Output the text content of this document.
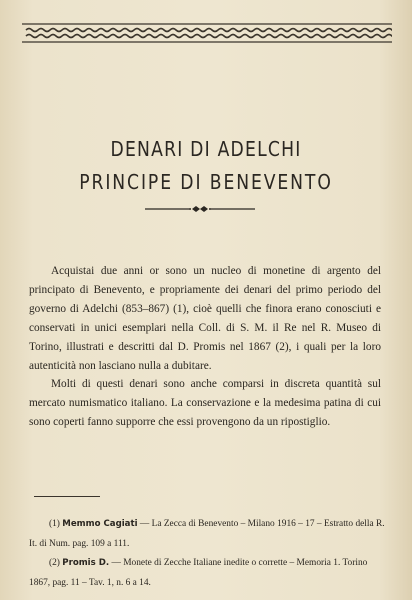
DENARI DI ADELCHI
PRINCIPE DI BENEVENTO

Acquistai due anni or sono un nucleo di monetine di argento del principato di Benevento, e propriamente dei denari del primo periodo del governo di Adelchi (853–867) (1), cioè quelli che finora erano conosciuti e conservati in unici esemplari nella Coll. di S. M. il Re nel R. Museo di Torino, illustrati e descritti dal D. Promis nel 1867 (2), i quali per la loro autenticità non lasciano nulla a dubitare.

Molti di questi denari sono anche comparsi in discreta quantità sul mercato numismatico italiano. La conservazione e la medesima patina di cui sono coperti fanno supporre che essi provengono da un ripostiglio.

(1) Memmo Cagiati — La Zecca di Benevento – Milano 1916 – 17 – Estratto della R. It. di Num. pag. 109 a 111.

(2) Promis D. — Monete di Zecche Italiane inedite o corrette – Memoria 1. Torino 1867, pag. 11 – Tav. 1, n. 6 a 14.
